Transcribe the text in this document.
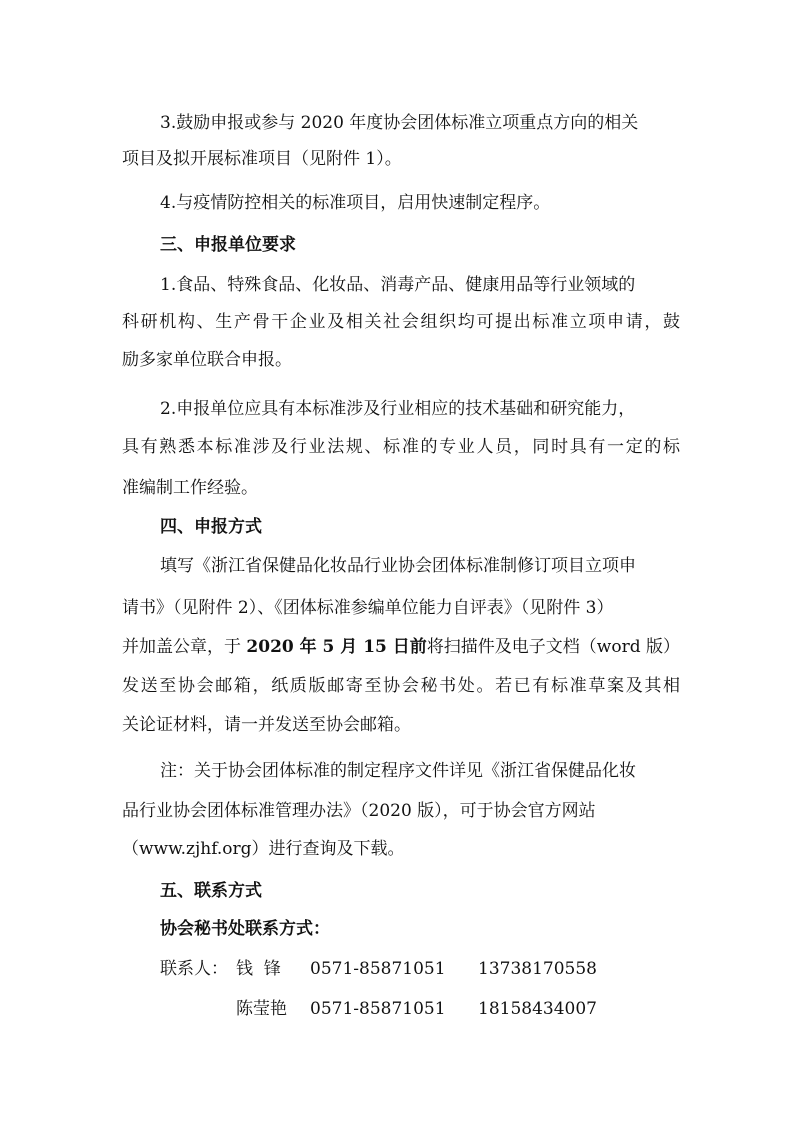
3.鼓励申报或参与 2020 年度协会团体标准立项重点方向的相关
项目及拟开展标准项目（见附件 1）。
4.与疫情防控相关的标准项目，启用快速制定程序。
三、申报单位要求
1.食品、特殊食品、化妆品、消毒产品、健康用品等行业领域的
科研机构、生产骨干企业及相关社会组织均可提出标准立项申请，鼓
励多家单位联合申报。
2.申报单位应具有本标准涉及行业相应的技术基础和研究能力，
具有熟悉本标准涉及行业法规、标准的专业人员，同时具有一定的标
准编制工作经验。
四、申报方式
填写《浙江省保健品化妆品行业协会团体标准制修订项目立项申
请书》（见附件 2）、《团体标准参编单位能力自评表》（见附件 3）
并加盖公章，于 2020 年 5 月 15 日前将扫描件及电子文档（word 版）
发送至协会邮箱，纸质版邮寄至协会秘书处。若已有标准草案及其相
关论证材料，请一并发送至协会邮箱。
注：关于协会团体标准的制定程序文件详见《浙江省保健品化妆
品行业协会团体标准管理办法》（2020 版），可于协会官方网站
（www.zjhf.org）进行查询及下载。
五、联系方式
协会秘书处联系方式：
联系人： 钱  锋 0571-85871051 13738170558
陈莹艳 0571-85871051 18158434007
